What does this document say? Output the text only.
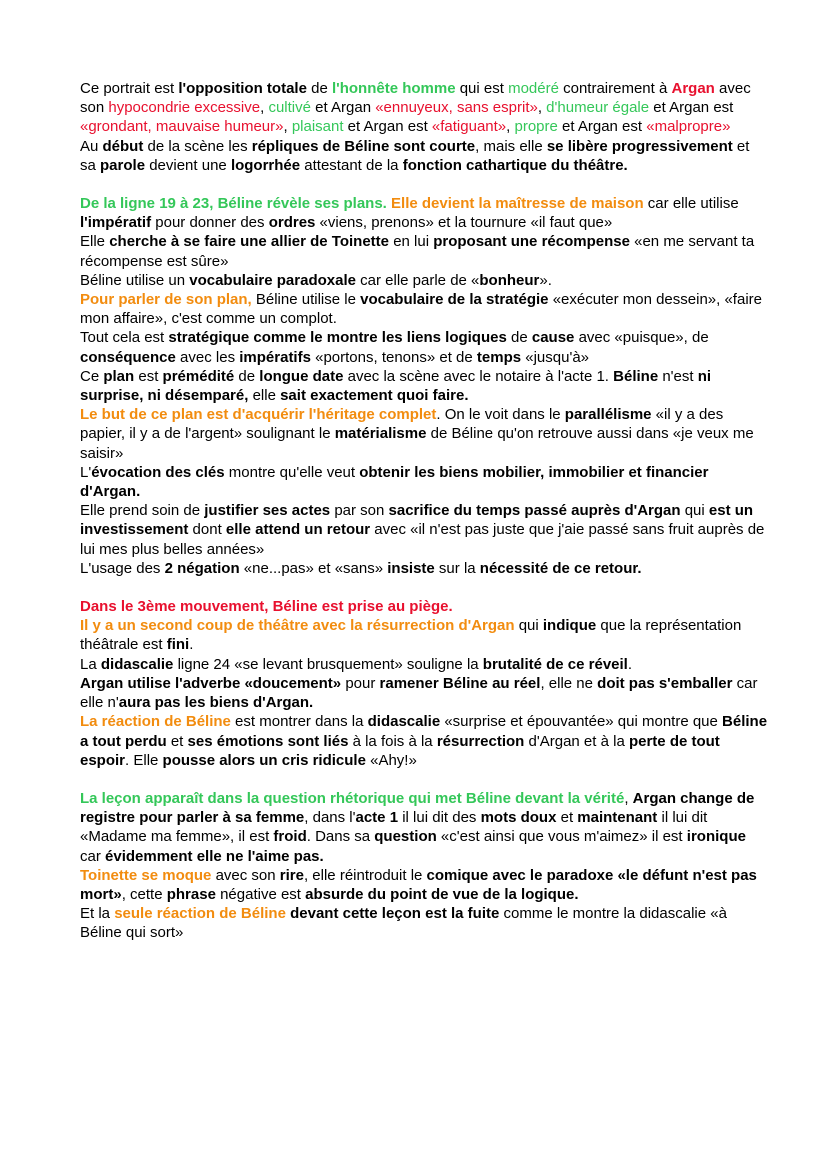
Ce portrait est l'opposition totale de l'honnête homme qui est modéré contrairement à Argan avec son hypocondrie excessive, cultivé et Argan «ennuyeux, sans esprit», d'humeur égale et Argan est «grondant, mauvaise humeur», plaisant et Argan est «fatiguant», propre et Argan est «malpropre»

Au début de la scène les répliques de Béline sont courte, mais elle se libère progressivement et sa parole devient une logorrhée attestant de la fonction cathartique du théâtre.

De la ligne 19 à 23, Béline révèle ses plans. Elle devient la maîtresse de maison car elle utilise l'impératif pour donner des ordres «viens, prenons» et la tournure «il faut que»

Elle cherche à se faire une allier de Toinette en lui proposant une récompense «en me servant ta récompense est sûre»

Béline utilise un vocabulaire paradoxale car elle parle de «bonheur».

Pour parler de son plan, Béline utilise le vocabulaire de la stratégie «exécuter mon dessein», «faire mon affaire», c'est comme un complot.

Tout cela est stratégique comme le montre les liens logiques de cause avec «puisque», de conséquence avec les impératifs «portons, tenons» et de temps «jusqu'à»

Ce plan est prémédité de longue date avec la scène avec le notaire à l'acte 1. Béline n'est ni surprise, ni désemparé, elle sait exactement quoi faire.

Le but de ce plan est d'acquérir l'héritage complet. On le voit dans le parallélisme «il y a des papier, il y a de l'argent» soulignant le matérialisme de Béline qu'on retrouve aussi dans «je veux me saisir»

L'évocation des clés montre qu'elle veut obtenir les biens mobilier, immobilier et financier d'Argan.

Elle prend soin de justifier ses actes par son sacrifice du temps passé auprès d'Argan qui est un investissement dont elle attend un retour avec «il n'est pas juste que j'aie passé sans fruit auprès de lui mes plus belles années»

L'usage des 2 négation «ne...pas» et «sans» insiste sur la nécessité de ce retour.

Dans le 3ème mouvement, Béline est prise au piège.

Il y a un second coup de théâtre avec la résurrection d'Argan qui indique que la représentation théâtrale est fini.

La didascalie ligne 24 «se levant brusquement» souligne la brutalité de ce réveil.

Argan utilise l'adverbe «doucement» pour ramener Béline au réel, elle ne doit pas s'emballer car elle n'aura pas les biens d'Argan.

La réaction de Béline est montrer dans la didascalie «surprise et épouvantée» qui montre que Béline a tout perdu et ses émotions sont liés à la fois à la résurrection d'Argan et à la perte de tout espoir. Elle pousse alors un cris ridicule «Ahy!»

La leçon apparaît dans la question rhétorique qui met Béline devant la vérité, Argan change de registre pour parler à sa femme, dans l'acte 1 il lui dit des mots doux et maintenant il lui dit «Madame ma femme», il est froid. Dans sa question «c'est ainsi que vous m'aimez» il est ironique car évidemment elle ne l'aime pas.

Toinette se moque avec son rire, elle réintroduit le comique avec le paradoxe «le défunt n'est pas mort», cette phrase négative est absurde du point de vue de la logique.

Et la seule réaction de Béline devant cette leçon est la fuite comme le montre la didascalie «à Béline qui sort»
